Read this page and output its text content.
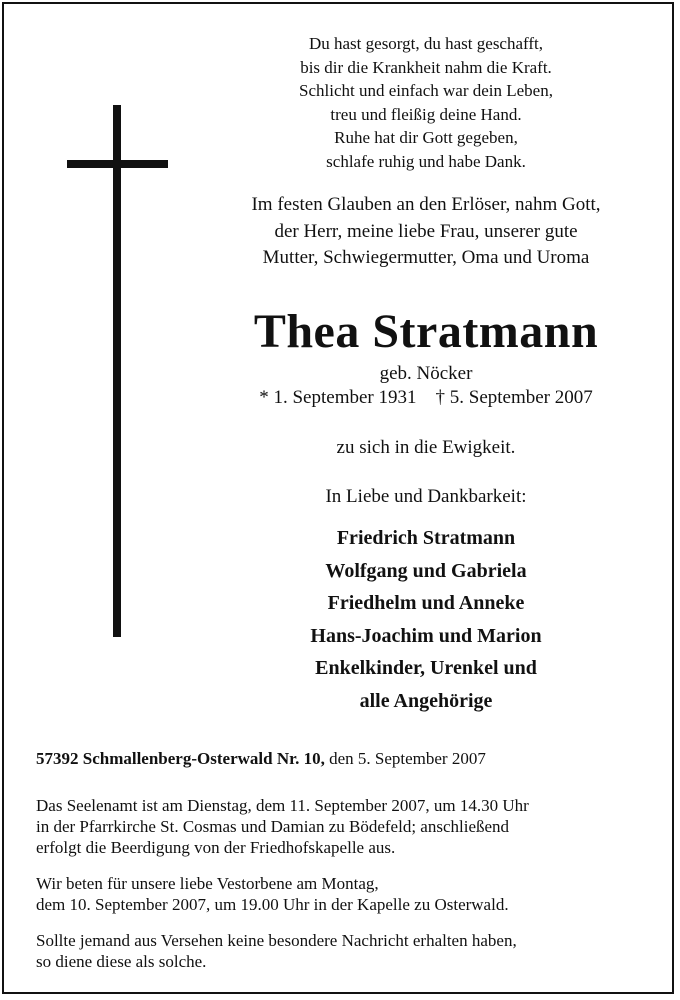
Du hast gesorgt, du hast geschafft,
bis dir die Krankheit nahm die Kraft.
Schlicht und einfach war dein Leben,
treu und fleißig deine Hand.
Ruhe hat dir Gott gegeben,
schlafe ruhig und habe Dank.
Im festen Glauben an den Erlöser, nahm Gott,
der Herr, meine liebe Frau, unserer gute
Mutter, Schwiegermutter, Oma und Uroma
Thea Stratmann
geb. Nöcker
* 1. September 1931 † 5. September 2007
zu sich in die Ewigkeit.
In Liebe und Dankbarkeit:
Friedrich Stratmann
Wolfgang und Gabriela
Friedhelm und Anneke
Hans-Joachim und Marion
Enkelkinder, Urenkel und
alle Angehörige
57392 Schmallenberg-Osterwald Nr. 10, den 5. September 2007
Das Seelenamt ist am Dienstag, dem 11. September 2007, um 14.30 Uhr
in der Pfarrkirche St. Cosmas und Damian zu Bödefeld; anschließend
erfolgt die Beerdigung von der Friedhofskapelle aus.
Wir beten für unsere liebe Vestorbene am Montag,
dem 10. September 2007, um 19.00 Uhr in der Kapelle zu Osterwald.
Sollte jemand aus Versehen keine besondere Nachricht erhalten haben,
so diene diese als solche.
